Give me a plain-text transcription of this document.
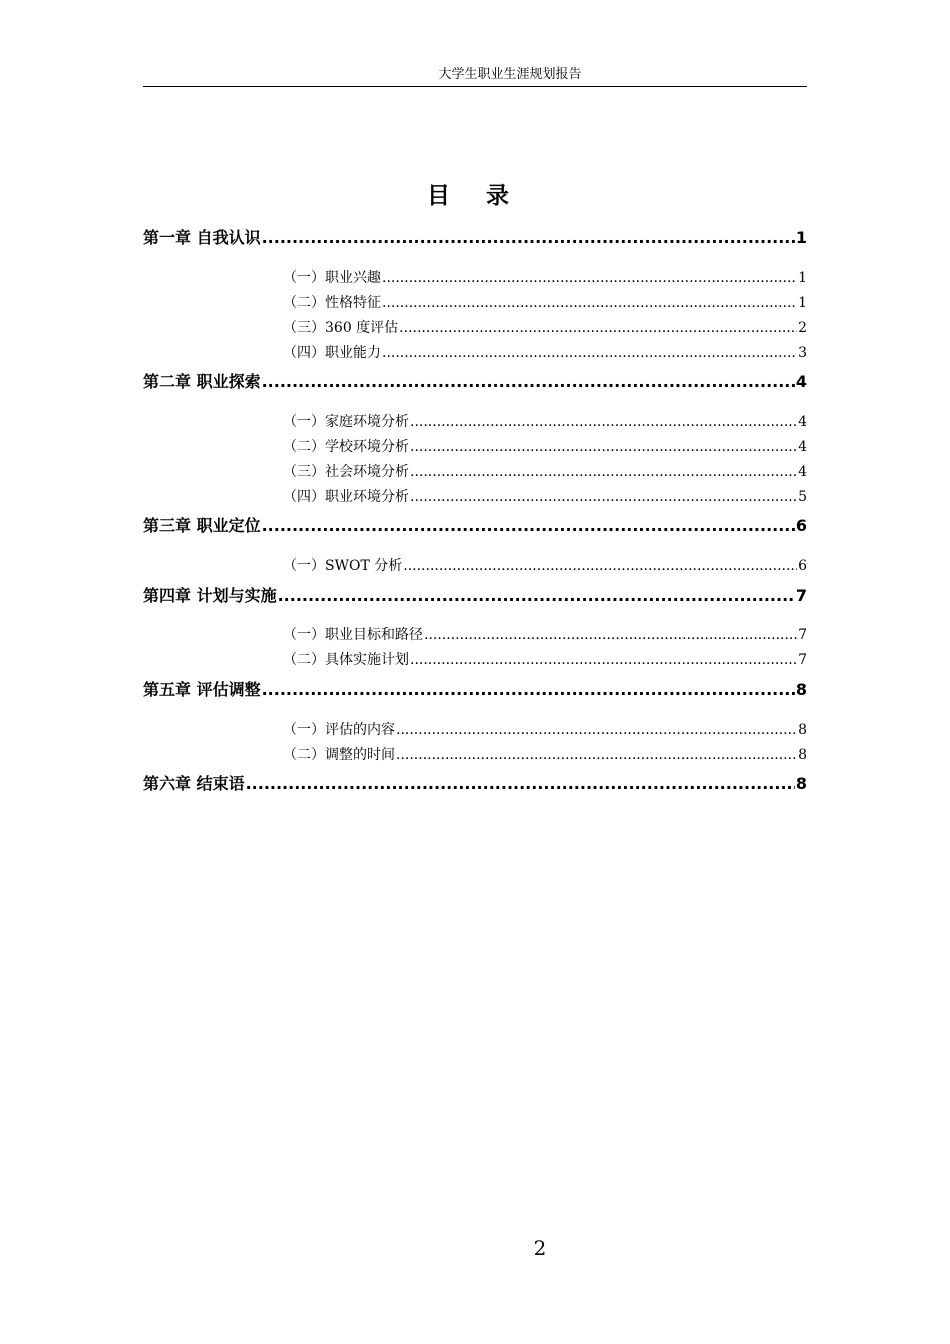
大学生职业生涯规划报告
目 录
第一章 自我认识 .....	1
（一）职业兴趣 .....	1
（二）性格特征 .....	1
（三）360 度评估 .....	2
（四）职业能力 .....	3
第二章 职业探索 .....	4
（一）家庭环境分析 .....	4
（二）学校环境分析 .....	4
（三）社会环境分析 .....	4
（四）职业环境分析 .....	5
第三章 职业定位 .....	6
（一）SWOT 分析 .....	6
第四章 计划与实施 .....	7
（一）职业目标和路径 .....	7
（二）具体实施计划 .....	7
第五章 评估调整 .....	8
（一）评估的内容 .....	8
（二）调整的时间 .....	8
第六章 结束语 .....	8
2
